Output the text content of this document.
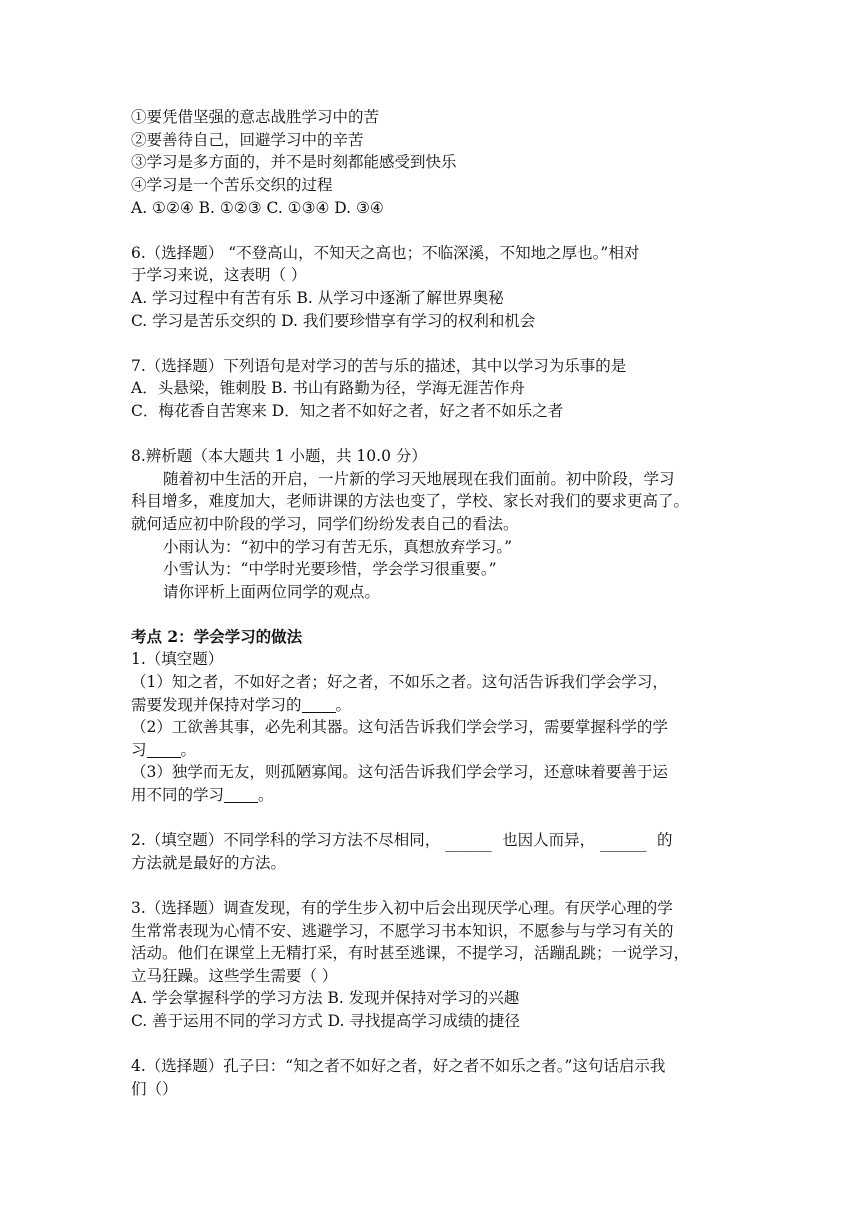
①要凭借坚强的意志战胜学习中的苦
②要善待自己，回避学习中的辛苦
③学习是多方面的，并不是时刻都能感受到快乐
④学习是一个苦乐交织的过程
A. ①②④ B. ①②③ C. ①③④ D. ③④
6.（选择题） “不登高山，不知天之高也；不临深溪，不知地之厚也。”相对
于学习来说，这表明（ ）
A. 学习过程中有苦有乐 B. 从学习中逐渐了解世界奥秘
C. 学习是苦乐交织的 D. 我们要珍惜享有学习的权利和机会
7.（选择题）下列语句是对学习的苦与乐的描述，其中以学习为乐事的是
A．头悬梁，锥刺股 B. 书山有路勤为径，学海无涯苦作舟
C．梅花香自苦寒来 D．知之者不如好之者，好之者不如乐之者
8.辨析题（本大题共 1 小题，共 10.0 分）
随着初中生活的开启，一片新的学习天地展现在我们面前。初中阶段，学习
科目增多，难度加大，老师讲课的方法也变了，学校、家长对我们的要求更高了。
就何适应初中阶段的学习，同学们纷纷发表自己的看法。
小雨认为：“初中的学习有苦无乐，真想放弃学习。”
小雪认为：“中学时光要珍惜，学会学习很重要。”
请你评析上面两位同学的观点。
考点 2：学会学习的做法
1.（填空题）
（1）知之者，不如好之者；好之者，不如乐之者。这句活告诉我们学会学习，
需要发现并保持对学习的 。
（2）工欲善其事，必先利其器。这句活告诉我们学会学习，需要掌握科学的学
习 。
（3）独学而无友，则孤陋寡闻。这句活告诉我们学会学习，还意味着要善于运
用不同的学习 。
2.（填空题）不同学科的学习方法不尽相同， ______	也因人而异， ______	的
方法就是最好的方法。
3.（选择题）调查发现，有的学生步入初中后会出现厌学心理。有厌学心理的学
生常常表现为心情不安、逃避学习，不愿学习书本知识，不愿参与与学习有关的
活动。他们在课堂上无精打采，有时甚至逃课，不提学习，活蹦乱跳；一说学习，
立马狂躁。这些学生需要（ ）
A. 学会掌握科学的学习方法 B. 发现并保持对学习的兴趣
C. 善于运用不同的学习方式 D. 寻找提高学习成绩的捷径
4.（选择题）孔子曰：“知之者不如好之者，好之者不如乐之者。”这句话启示我
们（）
